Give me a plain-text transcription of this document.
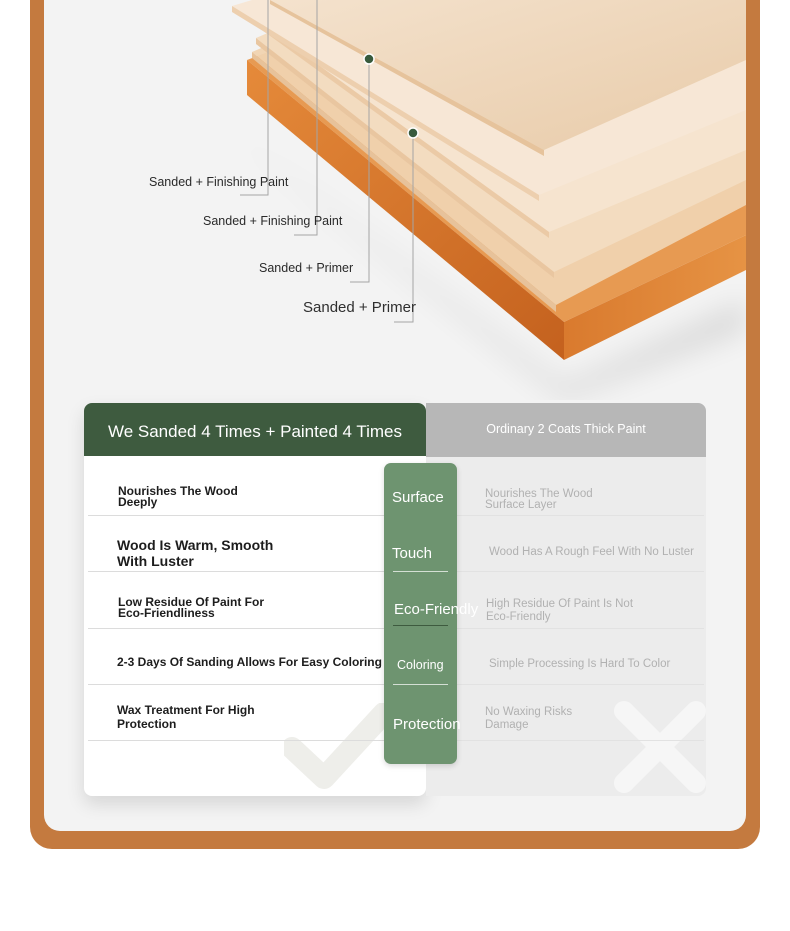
Sanded + Finishing Paint
Sanded + Finishing Paint
Sanded + Primer
Sanded + Primer
We Sanded 4 Times + Painted 4 Times	Ordinary 2 Coats Thick Paint
Nourishes The Wood
Deeply
Wood Is Warm, Smooth
With Luster
Low Residue Of Paint For
Eco-Friendliness
2-3 Days Of Sanding Allows For Easy Coloring
Wax Treatment For High
Protection
Nourishes The Wood
Surface Layer
Wood Has A Rough Feel With No Luster
High Residue Of Paint Is Not
Eco-Friendly
Simple Processing Is Hard To Color
No Waxing Risks
Damage
Surface
Touch
Eco-Friendly
Coloring
Protection
